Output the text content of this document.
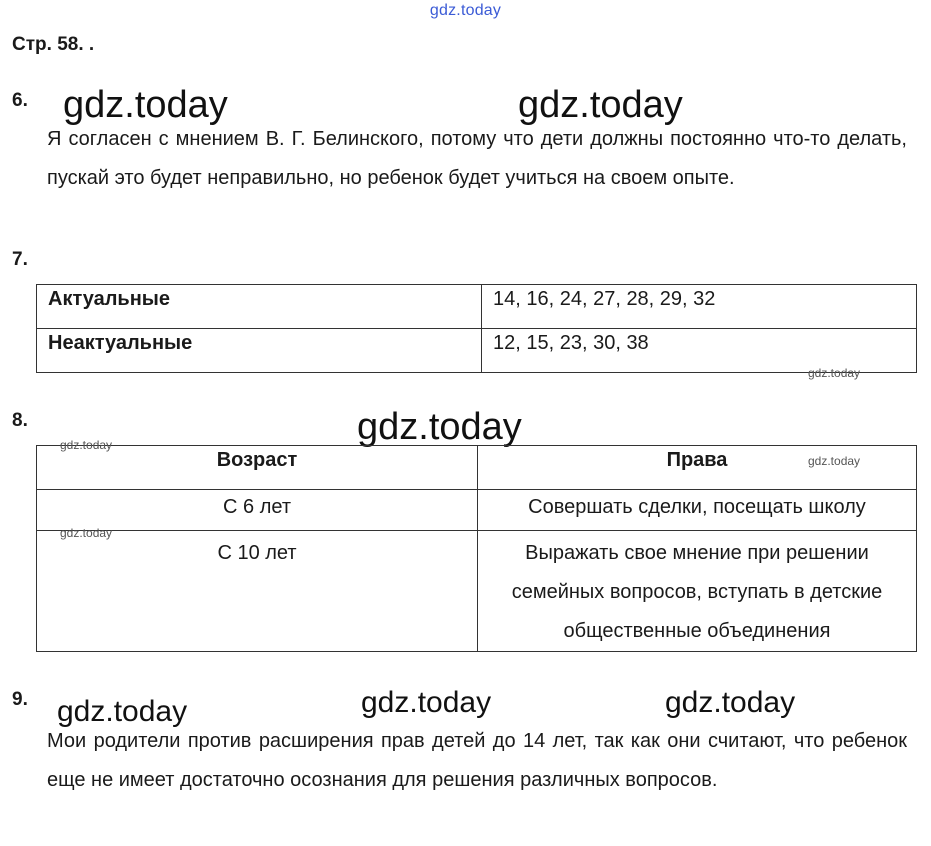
gdz.today
Стр. 58. .
6. gdz.today	gdz.today
Я согласен с мнением В. Г. Белинского, потому что дети должны постоянно что-то делать, пускай это будет неправильно, но ребенок будет учиться на своем опыте.
7.
Актуальные	14, 16, 24, 27, 28, 29, 32
Неактуальные	12, 15, 23, 30, 38
gdz.today
8.	gdz.today
Возраст	Права
С 6 лет	Совершать сделки, посещать школу
С 10 лет	Выражать свое мнение при решении семейных вопросов, вступать в детские общественные объединения
gdz.today
gdz.today
gdz.today
9. gdz.today	gdz.today	gdz.today
Мои родители против расширения прав детей до 14 лет, так как они считают, что ребенок еще не имеет достаточно осознания для решения различных вопросов.
